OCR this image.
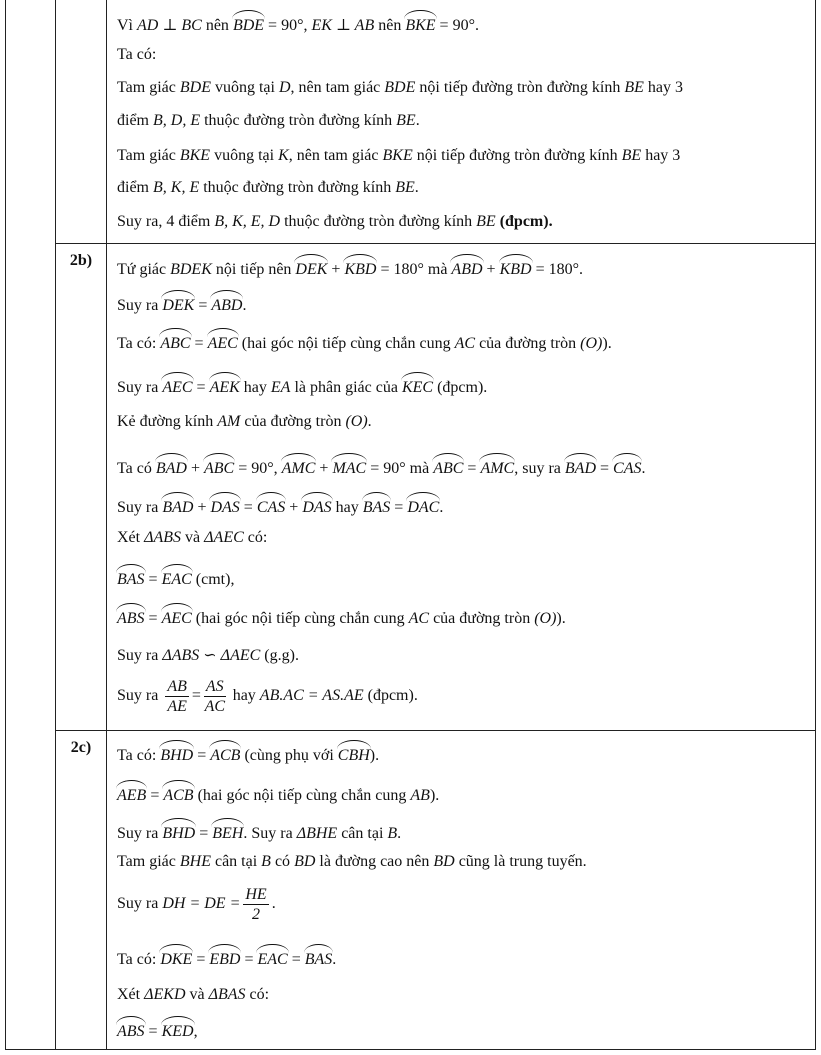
2b)
2c)
Vì AD ⊥ BC nên BDE = 90°, EK ⊥ AB nên BKE = 90°.
Ta có:
Tam giác BDE vuông tại D, nên tam giác BDE nội tiếp đường tròn đường kính BE hay 3
điểm B, D, E thuộc đường tròn đường kính BE.
Tam giác BKE vuông tại K, nên tam giác BKE nội tiếp đường tròn đường kính BE hay 3
điểm B, K, E thuộc đường tròn đường kính BE.
Suy ra, 4 điểm B, K, E, D thuộc đường tròn đường kính BE (đpcm).
Tứ giác BDEK nội tiếp nên DEK + KBD = 180° mà ABD + KBD = 180°.
Suy ra DEK = ABD.
Ta có: ABC = AEC (hai góc nội tiếp cùng chắn cung AC của đường tròn (O)).
Suy ra AEC = AEK hay EA là phân giác của KEC (đpcm).
Kẻ đường kính AM của đường tròn (O).
Ta có BAD + ABC = 90°, AMC + MAC = 90° mà ABC = AMC, suy ra BAD = CAS.
Suy ra BAD + DAS = CAS + DAS hay BAS = DAC.
Xét ΔABS và ΔAEC có:
BAS = EAC (cmt),
ABS = AEC (hai góc nội tiếp cùng chắn cung AC của đường tròn (O)).
Suy ra ΔABS ∽ ΔAEC (g.g).
Suy ra $\frac{AB}{AE} = \frac{AS}{AC}$ hay AB.AC = AS.AE (đpcm).
Ta có: BHD = ACB (cùng phụ với CBH).
AEB = ACB (hai góc nội tiếp cùng chắn cung AB).
Suy ra BHD = BEH. Suy ra ΔBHE cân tại B.
Tam giác BHE cân tại B có BD là đường cao nên BD cũng là trung tuyến.
Suy ra DH = DE = $\frac{HE}{2}$ .
Ta có: DKE = EBD = EAC = BAS.
Xét ΔEKD và ΔBAS có:
ABS = KED,
